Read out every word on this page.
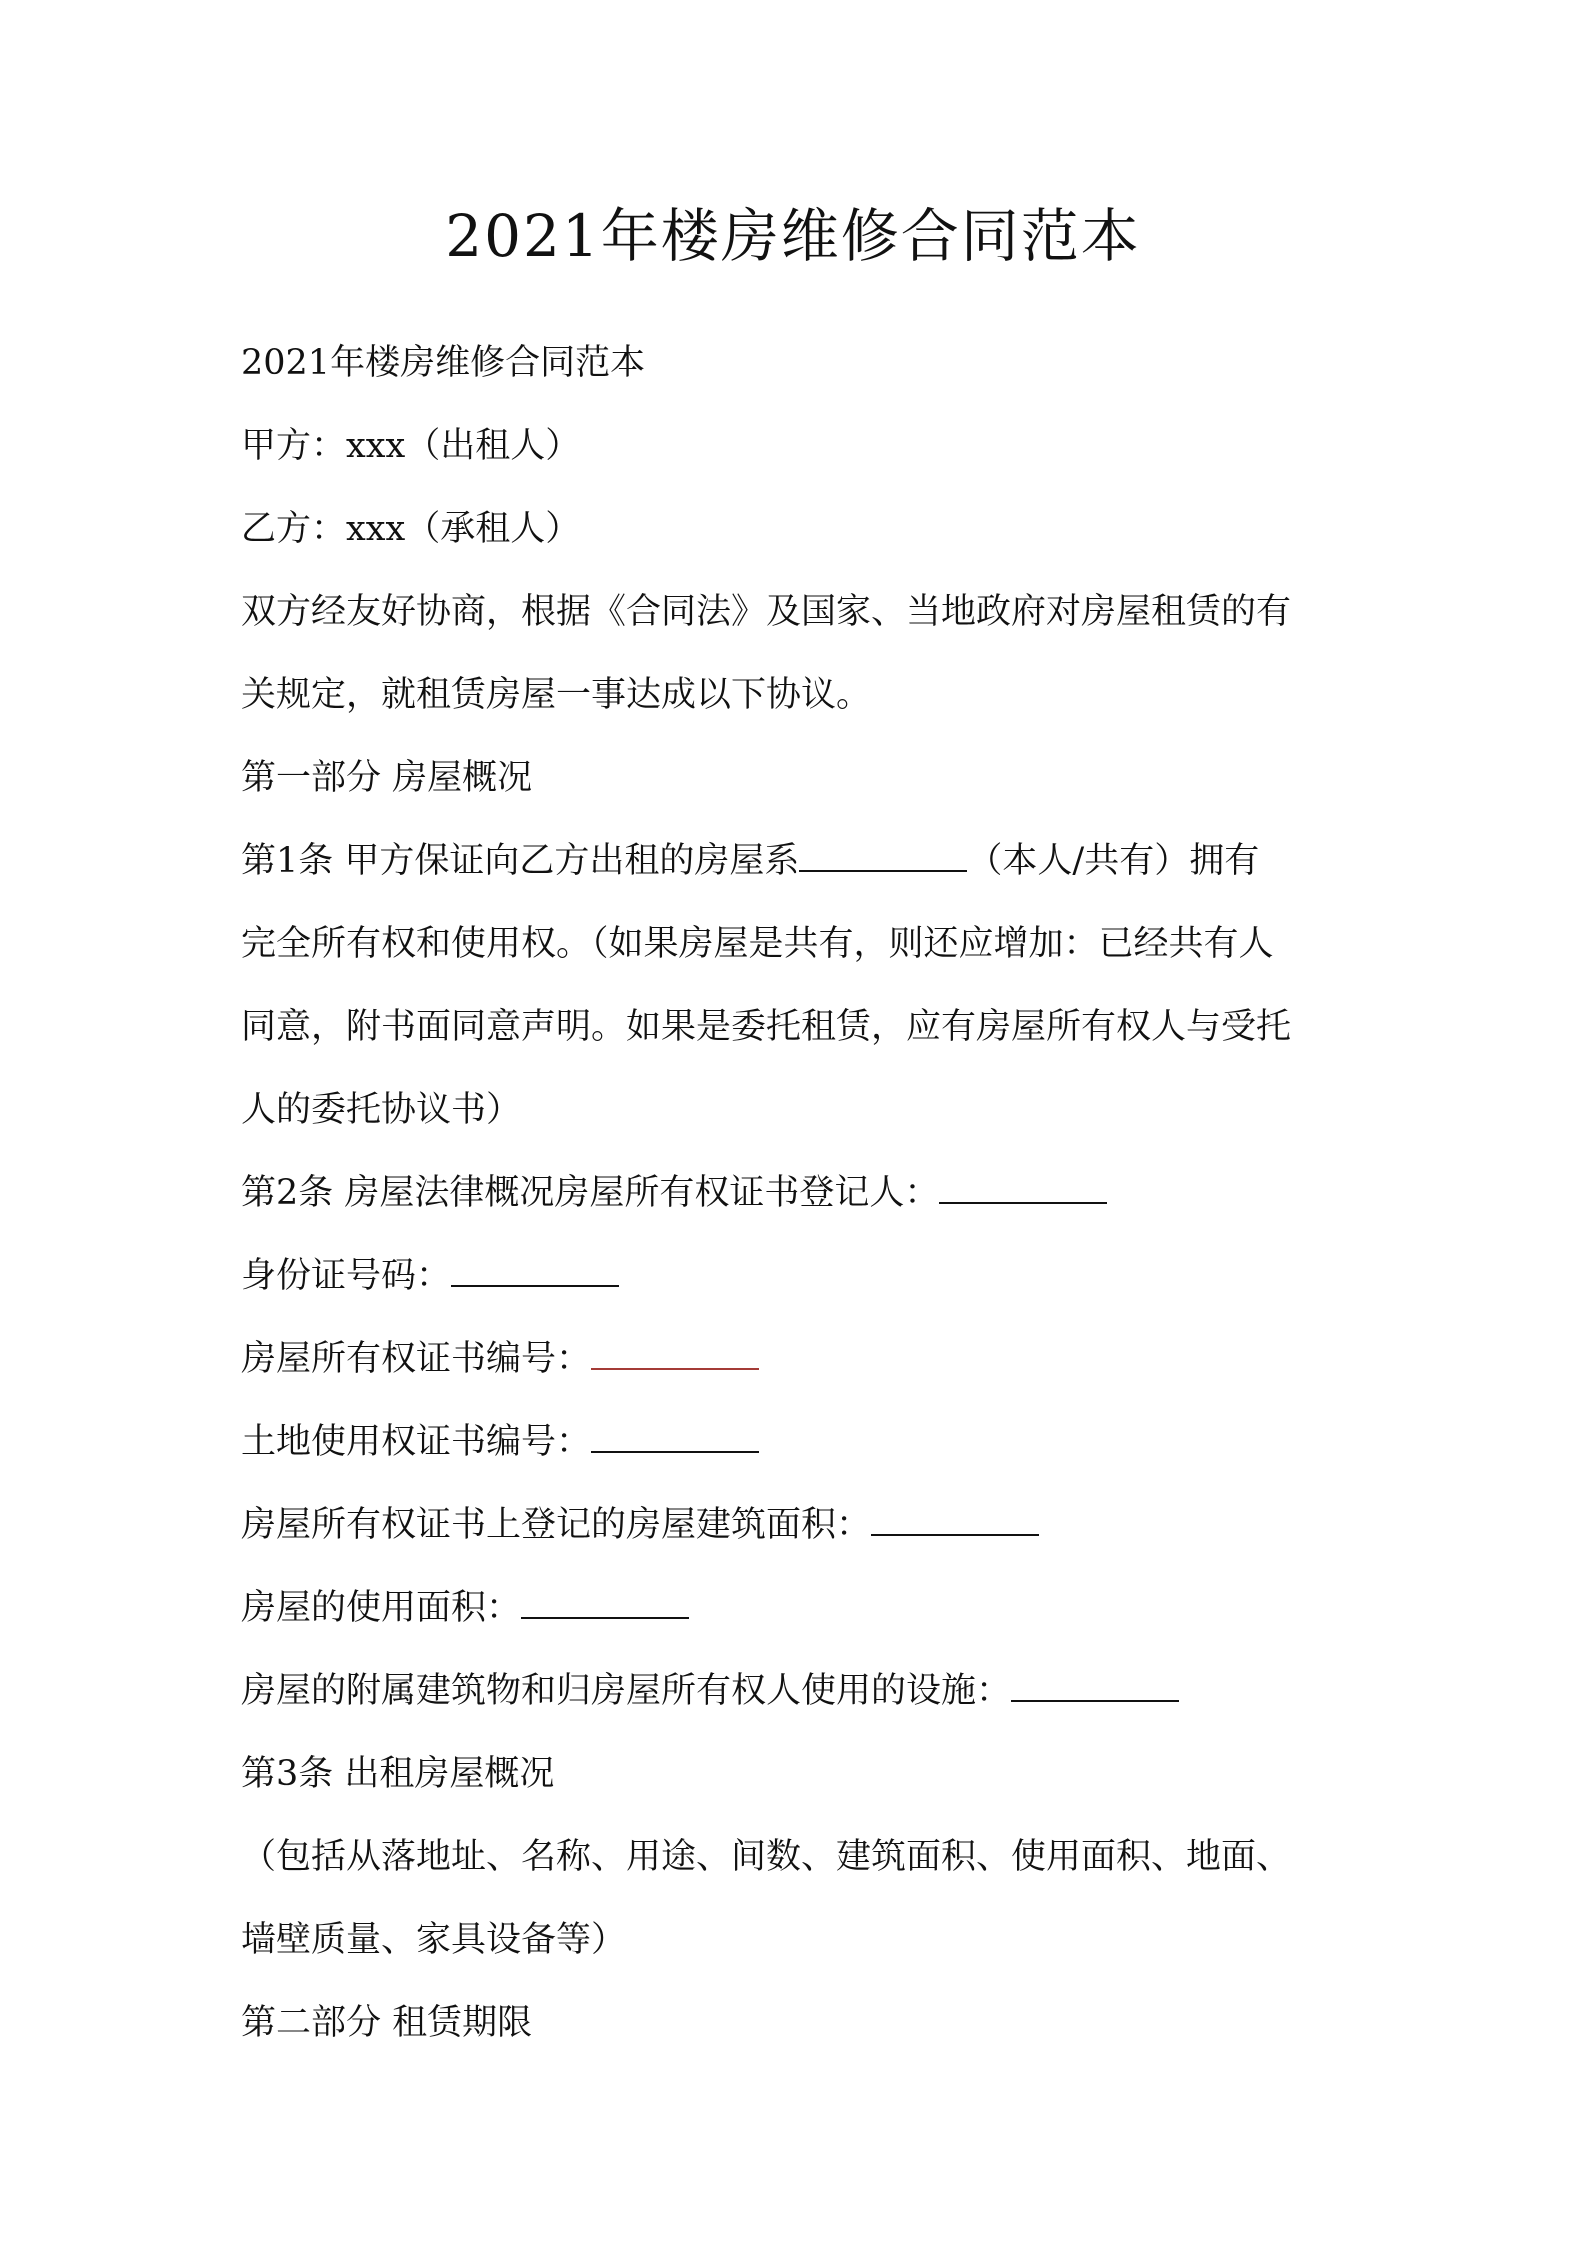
2021年楼房维修合同范本
2021年楼房维修合同范本
甲方：xxx（出租人）
乙方：xxx（承租人）
双方经友好协商，根据《合同法》及国家、当地政府对房屋租赁的有
关规定，就租赁房屋一事达成以下协议。
第一部分 房屋概况
第1条 甲方保证向乙方出租的房屋系	（本人/共有）拥有
完全所有权和使用权。（如果房屋是共有，则还应增加：已经共有人
同意，附书面同意声明。如果是委托租赁，应有房屋所有权人与受托
人的委托协议书）
第2条 房屋法律概况房屋所有权证书登记人：
身份证号码：
房屋所有权证书编号：
土地使用权证书编号：
房屋所有权证书上登记的房屋建筑面积：
房屋的使用面积：
房屋的附属建筑物和归房屋所有权人使用的设施：
第3条 出租房屋概况
（包括从落地址、名称、用途、间数、建筑面积、使用面积、地面、
墙壁质量、家具设备等）
第二部分 租赁期限
